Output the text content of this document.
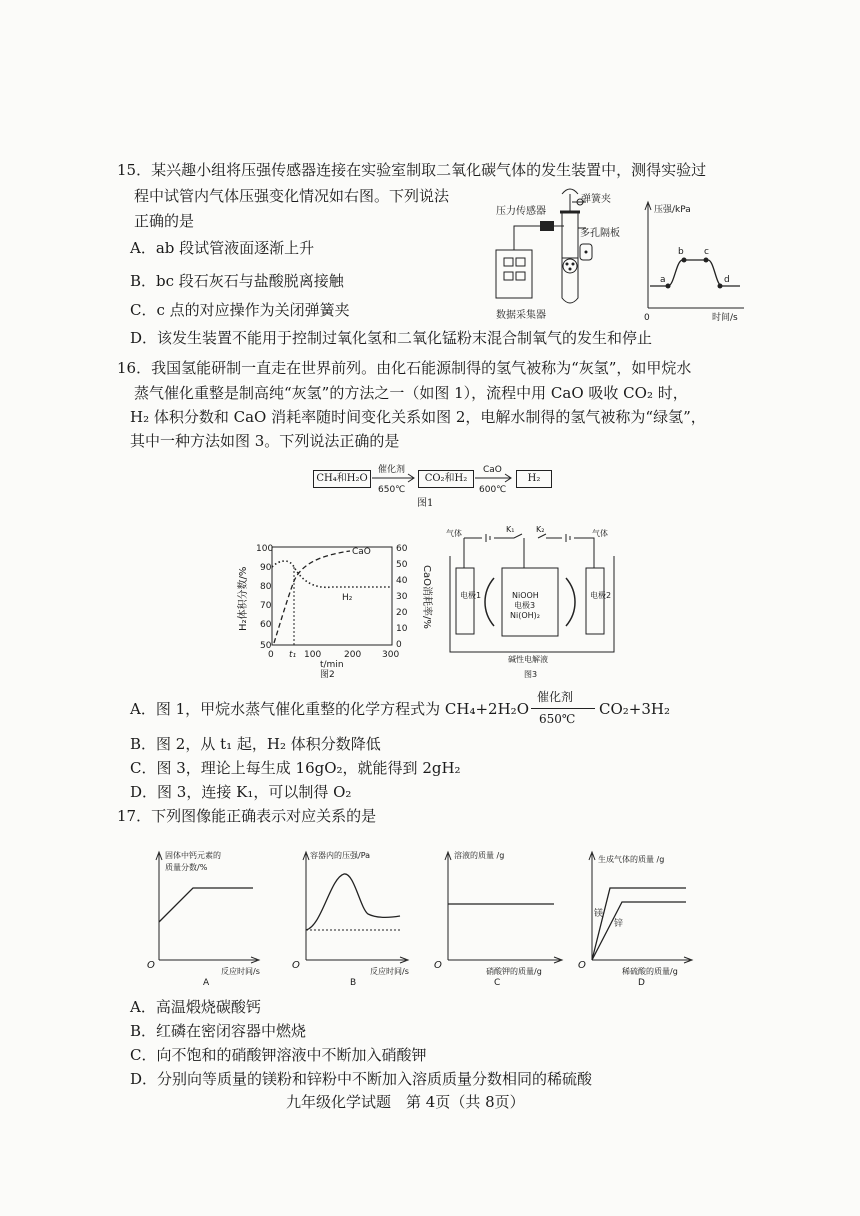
15．某兴趣小组将压强传感器连接在实验室制取二氧化碳气体的发生装置中，测得实验过
程中试管内气体压强变化情况如右图。下列说法
正确的是
A．ab 段试管液面逐渐上升
B．bc 段石灰石与盐酸脱离接触
C．c 点的对应操作为关闭弹簧夹
D．该发生装置不能用于控制过氧化氢和二氧化锰粉末混合制氧气的发生和停止
弹簧夹
压力传感器
多孔隔板
数据采集器
压强/kPa
时间/s
0
a
b c
d
16．我国氢能研制一直走在世界前列。由化石能源制得的氢气被称为“灰氢”，如甲烷水
蒸气催化重整是制高纯“灰氢”的方法之一（如图 1），流程中用 CaO 吸收 CO₂ 时，
H₂ 体积分数和 CaO 消耗率随时间变化关系如图 2，电解水制得的氢气被称为“绿氢”，
其中一种方法如图 3。下列说法正确的是
CH₄和H₂O
催化剂
650℃
CO₂和H₂
CaO
600℃
H₂
图1
100
90
80
70
60
50
60
50
40
30
20
10
0
0 t₁ 100	200 300
t/min
CaO
H₂
H₂体积分数/%	CaO消耗率/%
图2
气体	气体
K₁	K₂
电极1	电极2
NiOOH
电极3
Ni(OH)₂
碱性电解液
图3
A．图 1，甲烷水蒸气催化重整的化学方程式为 CH₄+2H₂O
催化剂
650℃
CO₂+3H₂
B．图 2，从 t₁ 起，H₂ 体积分数降低
C．图 3，理论上每生成 16gO₂，就能得到 2gH₂
D．图 3，连接 K₁，可以制得 O₂
17．下列图像能正确表示对应关系的是
固体中钙元素的
质量分数/%
反应时间/s
A
O
容器内的压强/Pa
反应时间/s
B
O
溶液的质量 /g
硝酸钾的质量/g
C
O
生成气体的质量 /g
稀硫酸的质量/g
D
O
镁
锌
A．高温煅烧碳酸钙
B．红磷在密闭容器中燃烧
C．向不饱和的硝酸钾溶液中不断加入硝酸钾
D．分别向等质量的镁粉和锌粉中不断加入溶质质量分数相同的稀硫酸
九年级化学试题　第 4页（共 8页）
